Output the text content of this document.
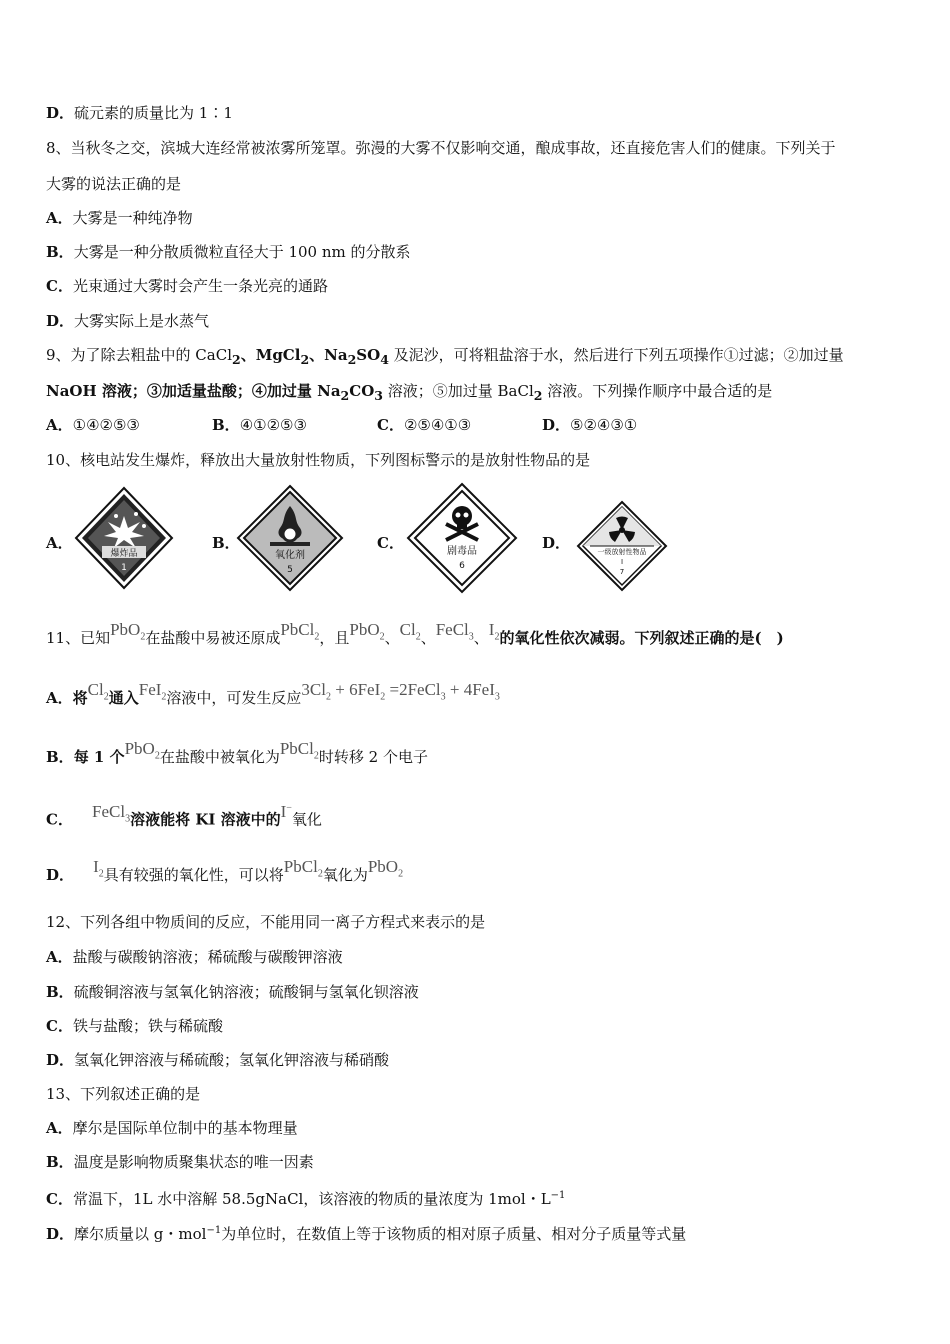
D．硫元素的质量比为 1∶1
8、当秋冬之交，滨城大连经常被浓雾所笼罩。弥漫的大雾不仅影响交通，酿成事故，还直接危害人们的健康。下列关于
大雾的说法正确的是
A．大雾是一种纯净物
B．大雾是一种分散质微粒直径大于 100 nm 的分散系
C．光束通过大雾时会产生一条光亮的通路
D．大雾实际上是水蒸气
9、为了除去粗盐中的 CaCl$_2$、MgCl$_2$、$Na_2SO_4$ 及泥沙，可将粗盐溶于水，然后进行下列五项操作①过滤；②加过量
NaOH 溶液；③加适量盐酸；④加过量 $Na_2CO_3$ 溶液；⑤加过量 BaCl$_2$ 溶液。下列操作顺序中最合适的是
A．①④②⑤③	B．④①②⑤③	C．②⑤④①③	D．⑤②④③①
10、核电站发生爆炸，释放出大量放射性物质，下列图标警示的是放射性物品的是
A．
爆炸品
1
B．
氧化剂
5
C．	剧毒品
6
D．	一级放射性物品
I
7
11、已知PbO$_2$在盐酸中易被还原成PbCl$_2$，且PbO$_2$、$Cl_2$、FeCl$_3$、$I_2$的氧化性依次减弱。下列叙述正确的是(　)
A．将$Cl_2$通入FeI$_2$溶液中，可发生反应$3Cl_2 + 6FeI_2$ =2FeCl$_3$ + 4FeI$_3$
B．每 1 个PbO$_2$在盐酸中被氧化为PbCl$_2$时转移 2 个电子
C． FeCl$_3$溶液能将 KI 溶液中的I−氧化
D． $I_2$具有较强的氧化性，可以将PbCl$_2$氧化为PbO$_2$
12、下列各组中物质间的反应，不能用同一离子方程式来表示的是
A．盐酸与碳酸钠溶液；稀硫酸与碳酸钾溶液
B．硫酸铜溶液与氢氧化钠溶液；硫酸铜与氢氧化钡溶液
C．铁与盐酸；铁与稀硫酸
D．氢氧化钾溶液与稀硫酸；氢氧化钾溶液与稀硝酸
13、下列叙述正确的是
A．摩尔是国际单位制中的基本物理量
B．温度是影响物质聚集状态的唯一因素
C．常温下，1L 水中溶解 58.5gNaCl，该溶液的物质的量浓度为 1mol・$L^{-1}$
D．摩尔质量以 g・mol$^{-1}$为单位时，在数值上等于该物质的相对原子质量、相对分子质量等式量
